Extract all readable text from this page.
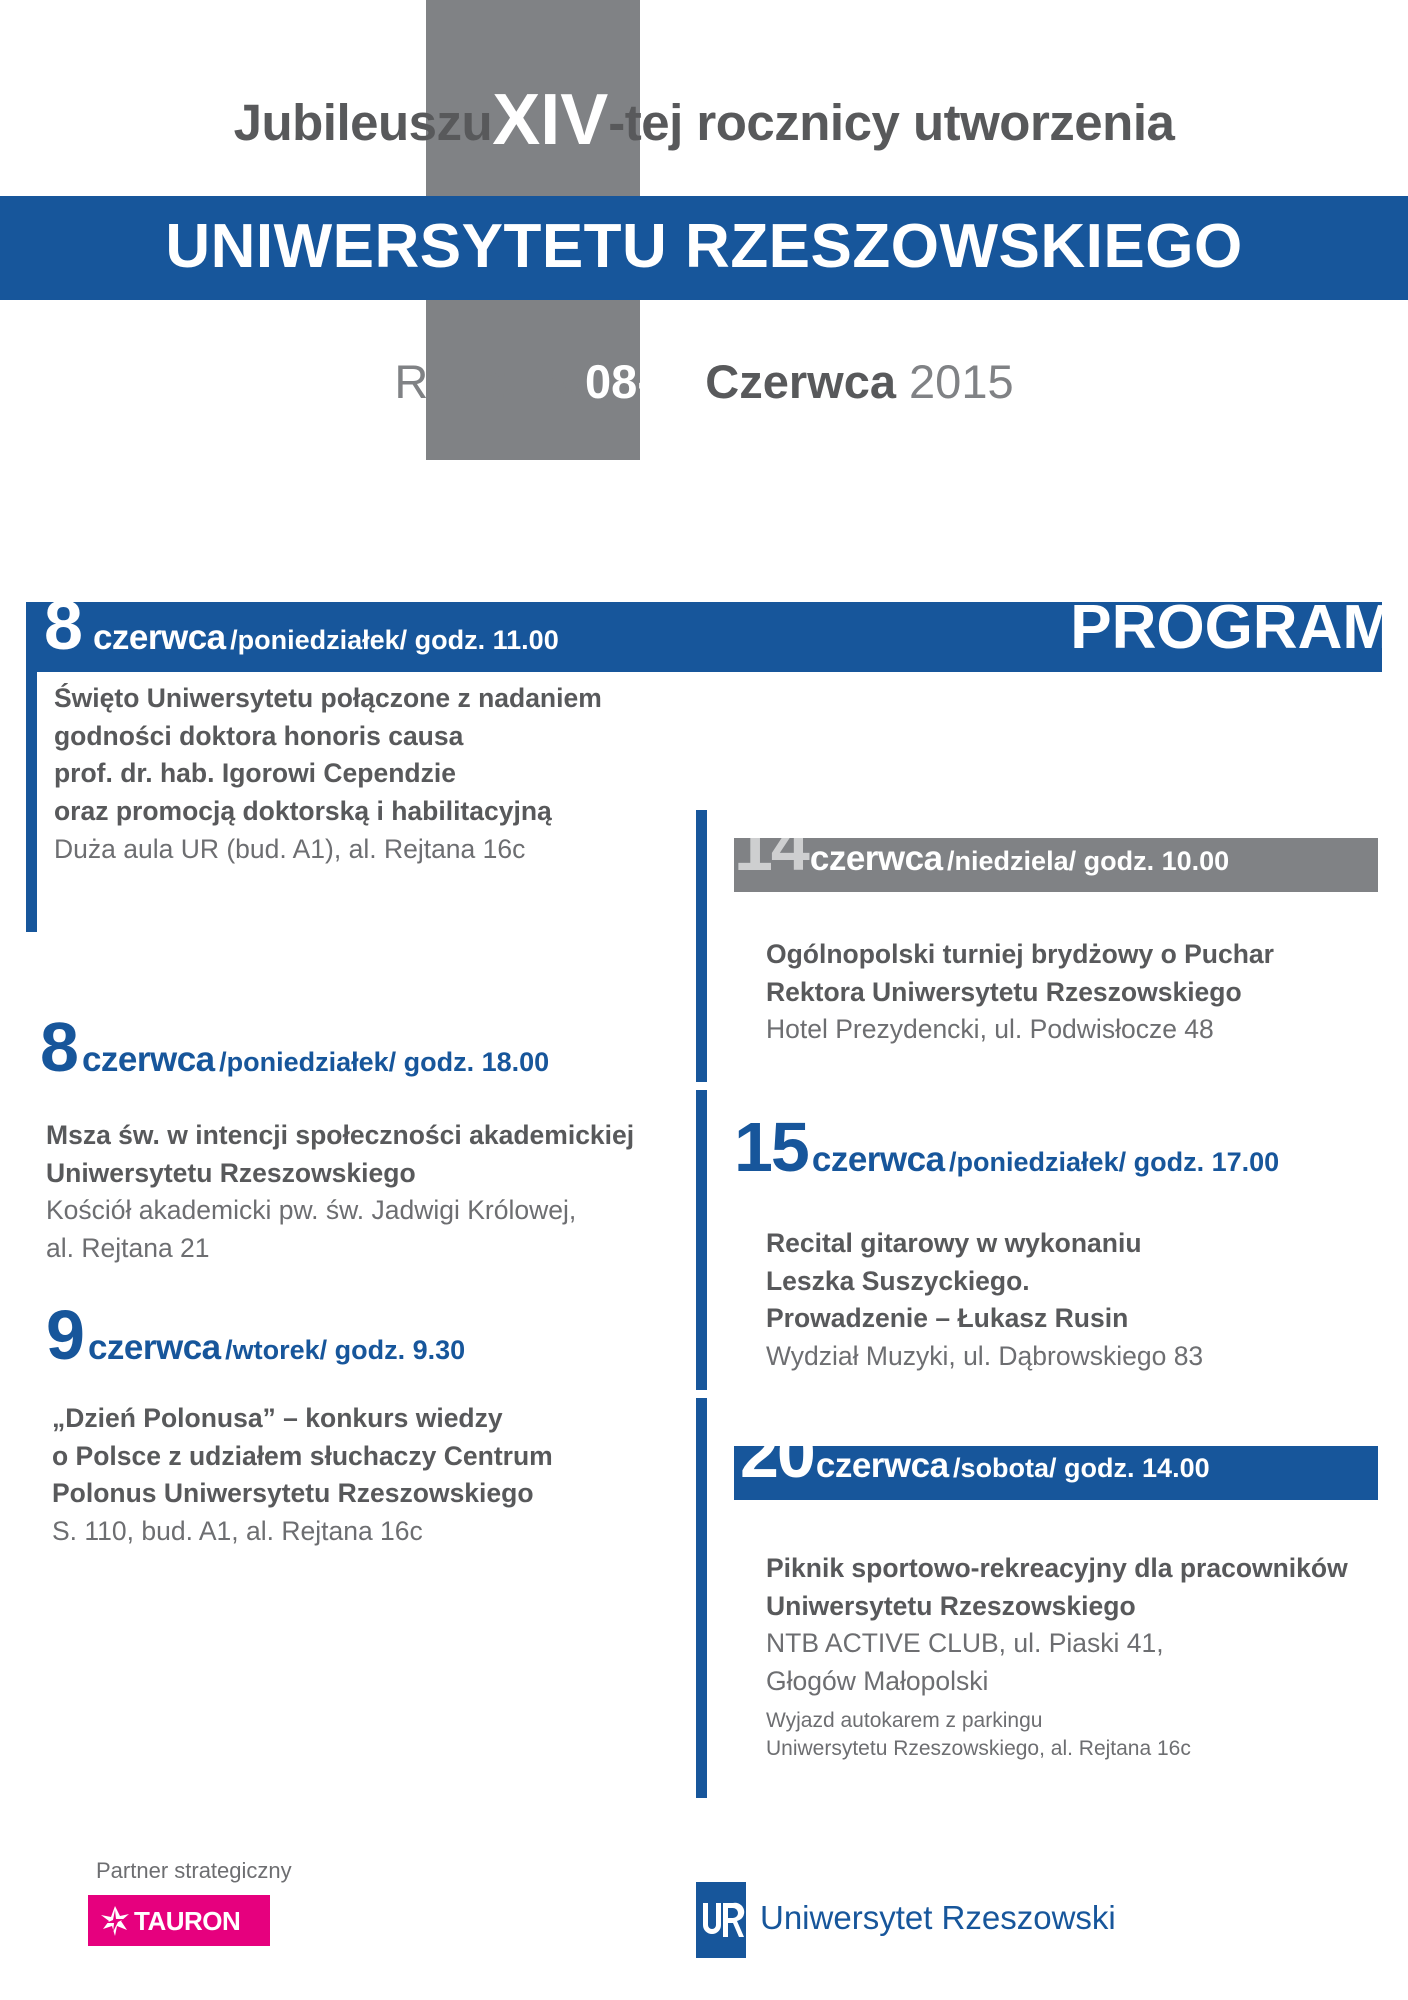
JubileuszuXIV-tej rocznicy utworzenia
UNIWERSYTETU RZESZOWSKIEGO
Rzeszów08-20Czerwca 2015
PROGRAM
8 czerwca /poniedziałek/ godz. 11.00
Święto Uniwersytetu połączone z nadaniem
godności doktora honoris causa
prof. dr. hab. Igorowi Cependzie
oraz promocją doktorską i habilitacyjną
Duża aula UR (bud. A1), al. Rejtana 16c
8 czerwca /poniedziałek/ godz. 18.00
Msza św. w intencji społeczności akademickiej
Uniwersytetu Rzeszowskiego
Kościół akademicki pw. św. Jadwigi Królowej,
al. Rejtana 21
9 czerwca /wtorek/ godz. 9.30
„Dzień Polonusa” – konkurs wiedzy
o Polsce z udziałem słuchaczy Centrum
Polonus Uniwersytetu Rzeszowskiego
S. 110, bud. A1, al. Rejtana 16c
14czerwca /niedziela/ godz. 10.00
Ogólnopolski turniej brydżowy o Puchar
Rektora Uniwersytetu Rzeszowskiego
Hotel Prezydencki, ul. Podwisłocze 48
15 czerwca /poniedziałek/ godz. 17.00
Recital gitarowy w wykonaniu
Leszka Suszyckiego.
Prowadzenie – Łukasz Rusin
Wydział Muzyki, ul. Dąbrowskiego 83
20czerwca /sobota/ godz. 14.00
Piknik sportowo-rekreacyjny dla pracowników
Uniwersytetu Rzeszowskiego
NTB ACTIVE CLUB, ul. Piaski 41,
Głogów Małopolski
Wyjazd autokarem z parkingu
Uniwersytetu Rzeszowskiego, al. Rejtana 16c
Partner strategiczny
TAURON	Uniwersytet Rzeszowski
